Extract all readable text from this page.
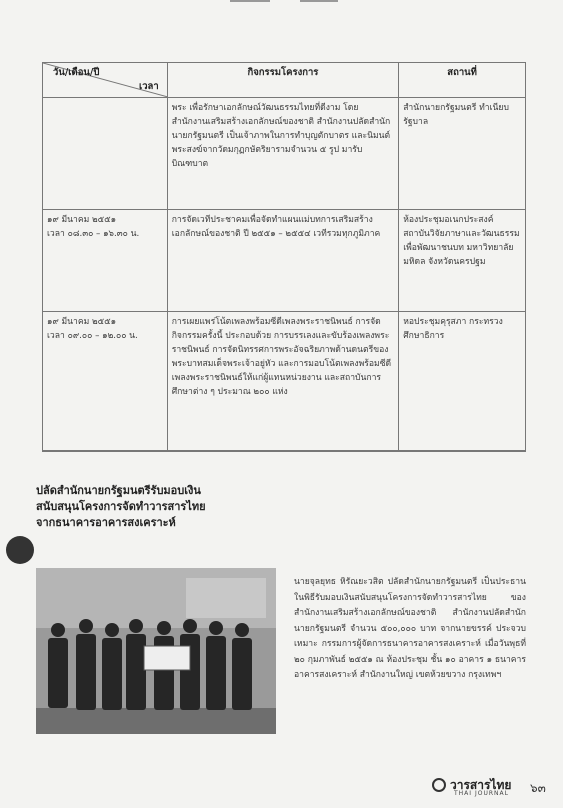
วัน/เดือน/ปี
เวลา	กิจกรรมโครงการ	สถานที่

	พระ เพื่อรักษาเอกลักษณ์วัฒนธรรมไทยที่ดีงาม โดยสำนักงานเสริมสร้างเอกลักษณ์ของชาติ สำนักงานปลัดสำนักนายกรัฐมนตรี เป็นเจ้าภาพในการทำบุญตักบาตร และนิมนต์พระสงฆ์จากวัดมกุฏกษัตริยารามจำนวน ๕ รูป มารับบิณฑบาต	สำนักนายกรัฐมนตรี ทำเนียบรัฐบาล

๑๙ มีนาคม ๒๕๕๑
เวลา ๐๘.๓๐ – ๑๖.๓๐ น.	การจัดเวทีประชาคมเพื่อจัดทำแผนแม่บทการเสริมสร้างเอกลักษณ์ของชาติ ปี ๒๕๕๑ – ๒๕๕๔ เวทีรวมทุกภูมิภาค	ห้องประชุมอเนกประสงค์ สถาบันวิจัยภาษาและวัฒนธรรมเพื่อพัฒนาชนบท มหาวิทยาลัยมหิดล จังหวัดนครปฐม

๑๙ มีนาคม ๒๕๕๑
เวลา ๐๙.๐๐ – ๑๒.๐๐ น.	การเผยแพร่โน้ตเพลงพร้อมซีดีเพลงพระราชนิพนธ์ การจัดกิจกรรมครั้งนี้ ประกอบด้วย การบรรเลงและขับร้องเพลงพระราชนิพนธ์ การจัดนิทรรศการพระอัจฉริยภาพด้านดนตรีของพระบาทสมเด็จพระเจ้าอยู่หัว และการมอบโน้ตเพลงพร้อมซีดีเพลงพระราชนิพนธ์ให้แก่ผู้แทนหน่วยงาน และสถาบันการศึกษาต่าง ๆ ประมาณ ๒๐๐ แห่ง	หอประชุมคุรุสภา กระทรวงศึกษาธิการ
ปลัดสำนักนายกรัฐมนตรีรับมอบเงิน
สนับสนุนโครงการจัดทำวารสารไทย
จากธนาคารอาคารสงเคราะห์
นายจุลยุทธ หิรัณยะวสิต ปลัดสำนักนายกรัฐมนตรี เป็นประธานในพิธีรับมอบเงินสนับสนุนโครงการจัดทำวารสารไทย ของสำนักงานเสริมสร้างเอกลักษณ์ของชาติ สำนักงานปลัดสำนักนายกรัฐมนตรี จำนวน ๕๐๐,๐๐๐ บาท จากนายขรรค์ ประจวบเหมาะ กรรมการผู้จัดการธนาคารอาคารสงเคราะห์ เมื่อวันพุธที่ ๒๐ กุมภาพันธ์ ๒๕๕๑ ณ ห้องประชุม ชั้น ๑๐ อาคาร ๑ ธนาคารอาคารสงเคราะห์ สำนักงานใหญ่ เขตห้วยขวาง กรุงเทพฯ
วารสารไทย
THAI JOURNAL ๖๓
